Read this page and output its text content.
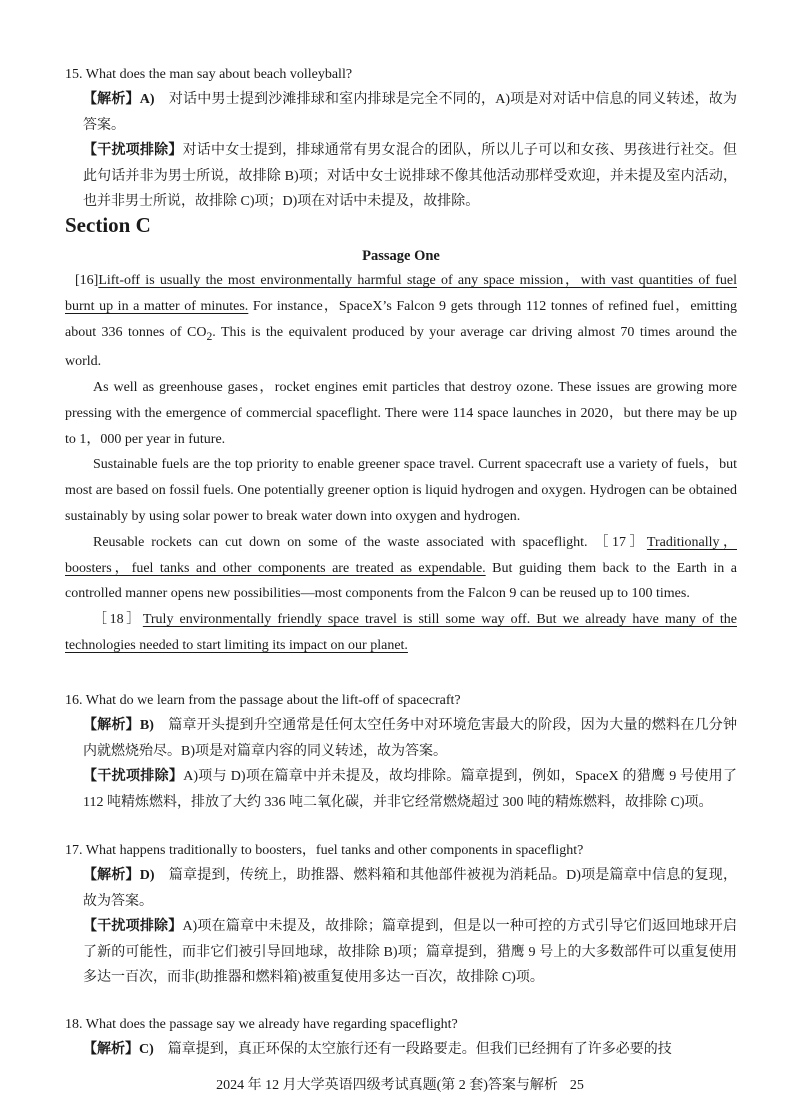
15. What does the man say about beach volleyball?
【解析】A)　对话中男士提到沙滩排球和室内排球是完全不同的，A)项是对对话中信息的同义转述，故为答案。
【干扰项排除】对话中女士提到，排球通常有男女混合的团队，所以儿子可以和女孩、男孩进行社交。但此句话并非为男士所说，故排除 B)项；对话中女士说排球不像其他活动那样受欢迎，并未提及室内活动，也并非男士所说，故排除 C)项；D)项在对话中未提及，故排除。
Section C
Passage One
[16]Lift-off is usually the most environmentally harmful stage of any space mission，with vast quantities of fuel burnt up in a matter of minutes. For instance，SpaceX’s Falcon 9 gets through 112 tonnes of refined fuel，emitting about 336 tonnes of $CO_2$. This is the equivalent produced by your average car driving almost 70 times around the world.
As well as greenhouse gases，rocket engines emit particles that destroy ozone. These issues are growing more pressing with the emergence of commercial spaceflight. There were 114 space launches in 2020，but there may be up to 1，000 per year in future.
Sustainable fuels are the top priority to enable greener space travel. Current spacecraft use a variety of fuels，but most are based on fossil fuels. One potentially greener option is liquid hydrogen and oxygen. Hydrogen can be obtained sustainably by using solar power to break water down into oxygen and hydrogen.
Reusable rockets can cut down on some of the waste associated with spaceflight. ［17］Traditionally，boosters，fuel tanks and other components are treated as expendable. But guiding them back to the Earth in a controlled manner opens new possibilities—most components from the Falcon 9 can be reused up to 100 times.
［18］Truly environmentally friendly space travel is still some way off. But we already have many of the technologies needed to start limiting its impact on our planet.
16. What do we learn from the passage about the lift-off of spacecraft?
【解析】B)　篇章开头提到升空通常是任何太空任务中对环境危害最大的阶段，因为大量的燃料在几分钟内就燃烧殆尽。B)项是对篇章内容的同义转述，故为答案。
【干扰项排除】A)项与 D)项在篇章中并未提及，故均排除。篇章提到，例如，SpaceX 的猎鹰 9 号使用了 112 吨精炼燃料，排放了大约 336 吨二氧化碳，并非它经常燃烧超过 300 吨的精炼燃料，故排除 C)项。
17. What happens traditionally to boosters，fuel tanks and other components in spaceflight?
【解析】D)　篇章提到，传统上，助推器、燃料箱和其他部件被视为消耗品。D)项是篇章中信息的复现，故为答案。
【干扰项排除】A)项在篇章中未提及，故排除；篇章提到，但是以一种可控的方式引导它们返回地球开启了新的可能性，而非它们被引导回地球，故排除 B)项；篇章提到，猎鹰 9 号上的大多数部件可以重复使用多达一百次，而非(助推器和燃料箱)被重复使用多达一百次，故排除 C)项。
18. What does the passage say we already have regarding spaceflight?
【解析】C)　篇章提到，真正环保的太空旅行还有一段路要走。但我们已经拥有了许多必要的技
2024 年 12 月大学英语四级考试真题(第 2 套)答案与解析 25
